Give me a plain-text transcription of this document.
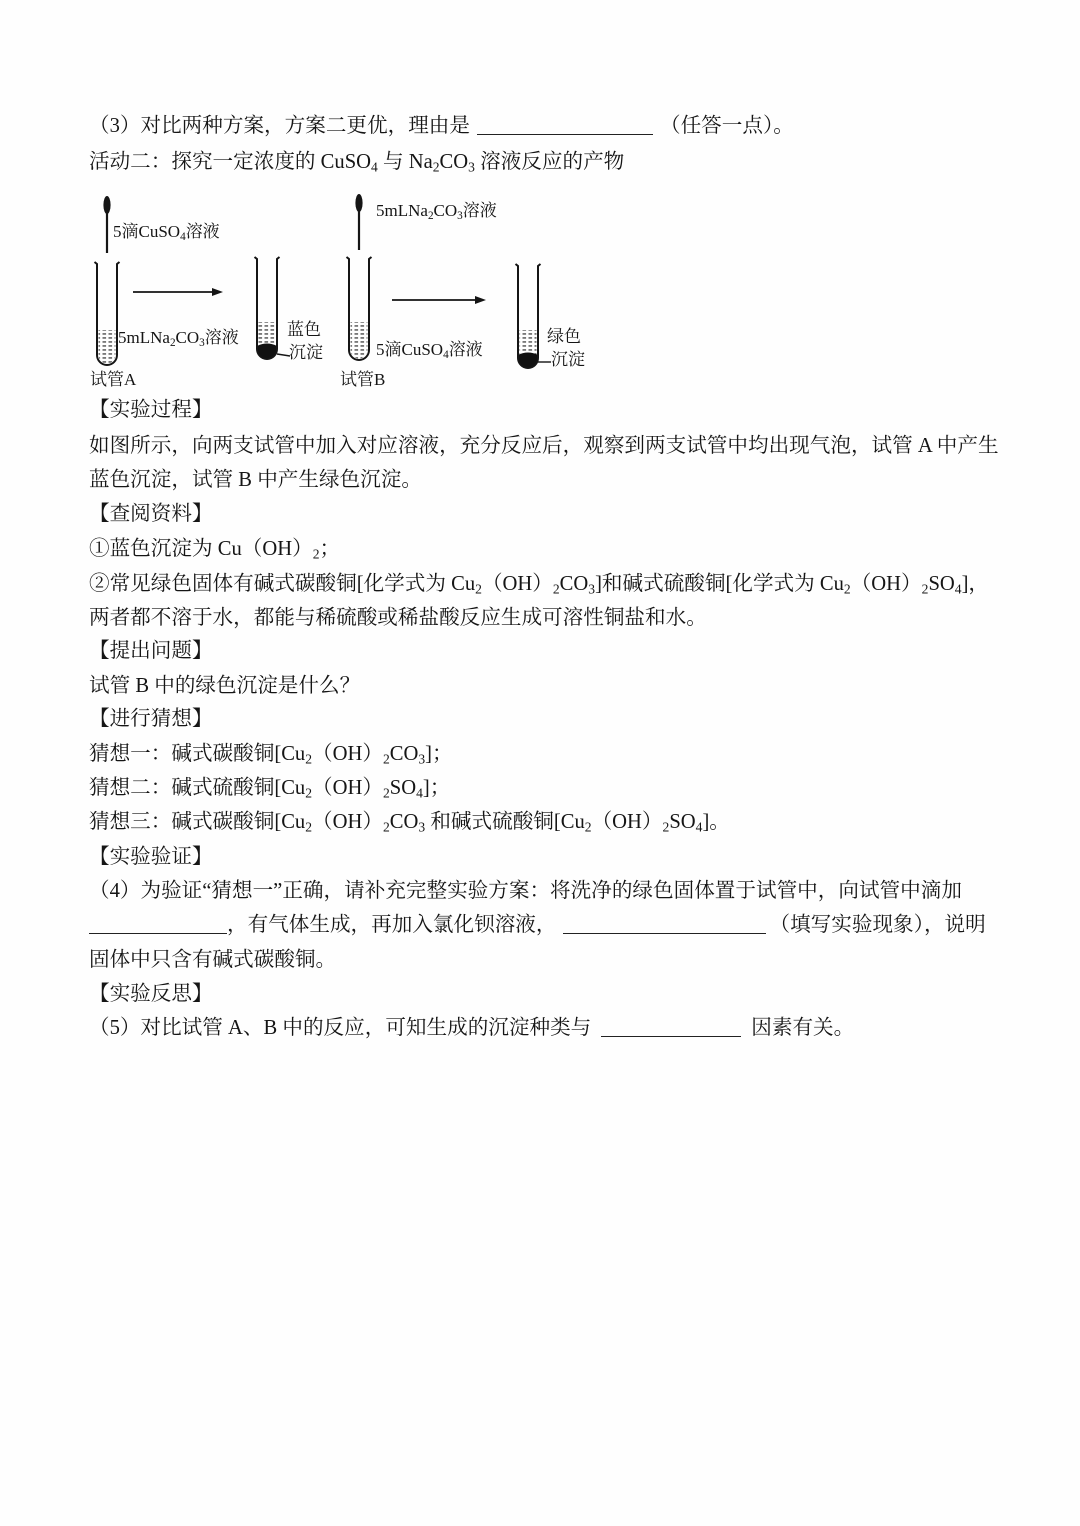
（3）对比两种方案，方案二更优，理由是	（任答一点）。
活动二：探究一定浓度的 CuSO$_4$ 与 $Na_2CO_3$ 溶液反应的产物
5滴CuSO$_4$溶液
$5mLNa_2CO_3$溶液
试管A
蓝色
沉淀
$5mLNa_2CO_3$溶液
5滴CuSO$_4$溶液
试管B
绿色
沉淀
【实验过程】
如图所示，向两支试管中加入对应溶液，充分反应后，观察到两支试管中均出现气泡，试管 A 中产生
蓝色沉淀，试管 B 中产生绿色沉淀。
【查阅资料】
①蓝色沉淀为 $Cu(OH)_2$；
②常见绿色固体有碱式碳酸铜[化学式为 $Cu_2(OH)_2CO_3$]和碱式硫酸铜[化学式为 $Cu_2(OH)_2SO_4$]，
两者都不溶于水，都能与稀硫酸或稀盐酸反应生成可溶性铜盐和水。
【提出问题】
试管 B 中的绿色沉淀是什么？
【进行猜想】
猜想一：碱式碳酸铜$[Cu_2(OH)_2CO_3]$；
猜想二：碱式硫酸铜$[Cu_2(OH)_2SO_4]$；
猜想三：碱式碳酸铜[$Cu_2(OH)_2CO_3$ 和碱式硫酸铜$[Cu_2(OH)_2SO_4]$。
【实验验证】
（4）为验证“猜想一”正确，请补充完整实验方案：将洗净的绿色固体置于试管中，向试管中滴加
，有气体生成，再加入氯化钡溶液，	（填写实验现象），说明
固体中只含有碱式碳酸铜。
【实验反思】
（5）对比试管 A、B 中的反应，可知生成的沉淀种类与	因素有关。
